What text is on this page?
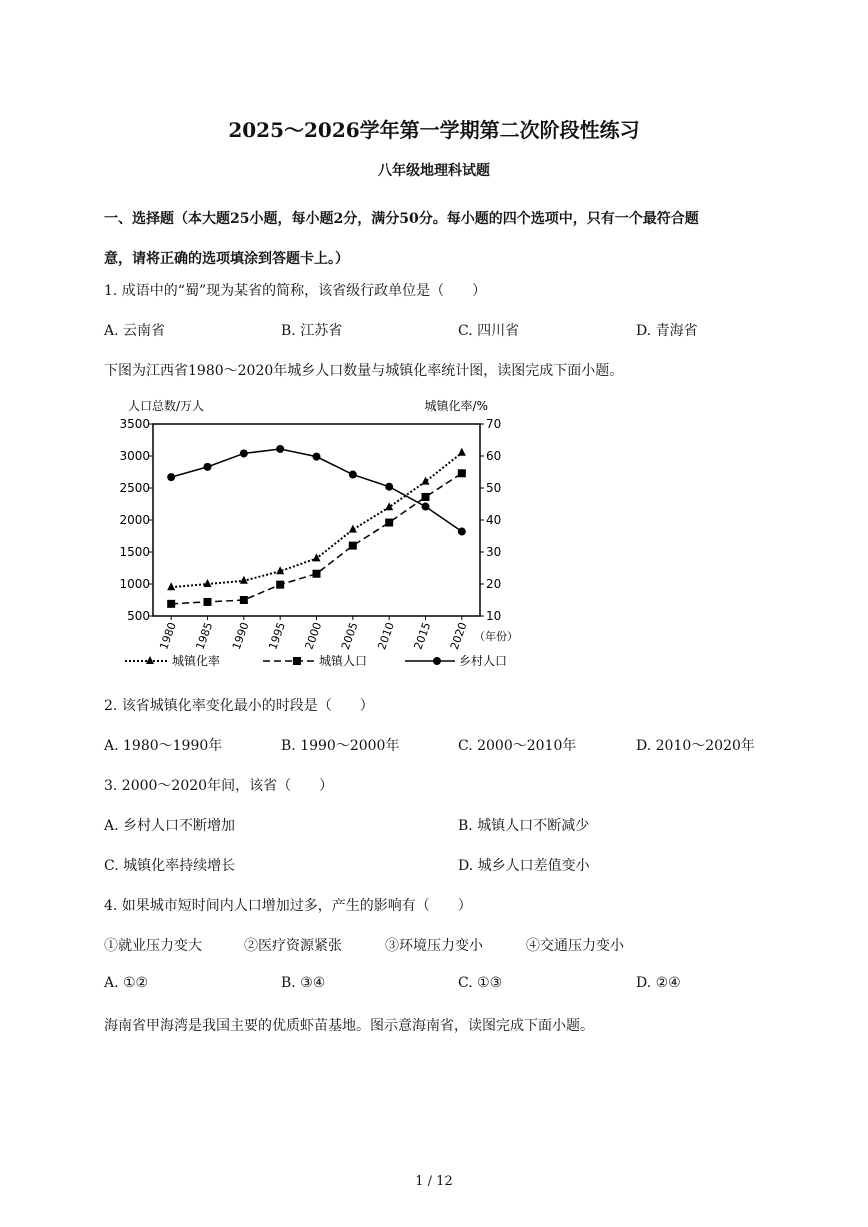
2025～2026学年第一学期第二次阶段性练习
八年级地理科试题
一、选择题（本大题25小题，每小题2分，满分50分。每小题的四个选项中，只有一个最符合题
意，请将正确的选项填涂到答题卡上。）
1. 成语中的“蜀”现为某省的简称，该省级行政单位是（　　）
A. 云南省	B. 江苏省	C. 四川省	D. 青海省
下图为江西省1980～2020年城乡人口数量与城镇化率统计图，读图完成下面小题。
500
1000
1500
2000
2500
3000
3500
10
20
30
40
50
60
70
1980 1985 1990 1995 2000 2005 2010 2015 2020 （年份）
人口总数/万人	城镇化率/%
城镇化率	城镇人口	乡村人口
2. 该省城镇化率变化最小的时段是（　　）
A. 1980～1990年	B. 1990～2000年	C. 2000～2010年	D. 2010～2020年
3. 2000～2020年间，该省（　　）
A. 乡村人口不断增加	B. 城镇人口不断减少
C. 城镇化率持续增长	D. 城乡人口差值变小
4. 如果城市短时间内人口增加过多，产生的影响有（　　）
①就业压力变大	②医疗资源紧张	③环境压力变小	④交通压力变小
A. ①②	B. ③④	C. ①③	D. ②④
海南省甲海湾是我国主要的优质虾苗基地。图示意海南省，读图完成下面小题。
1 / 12
